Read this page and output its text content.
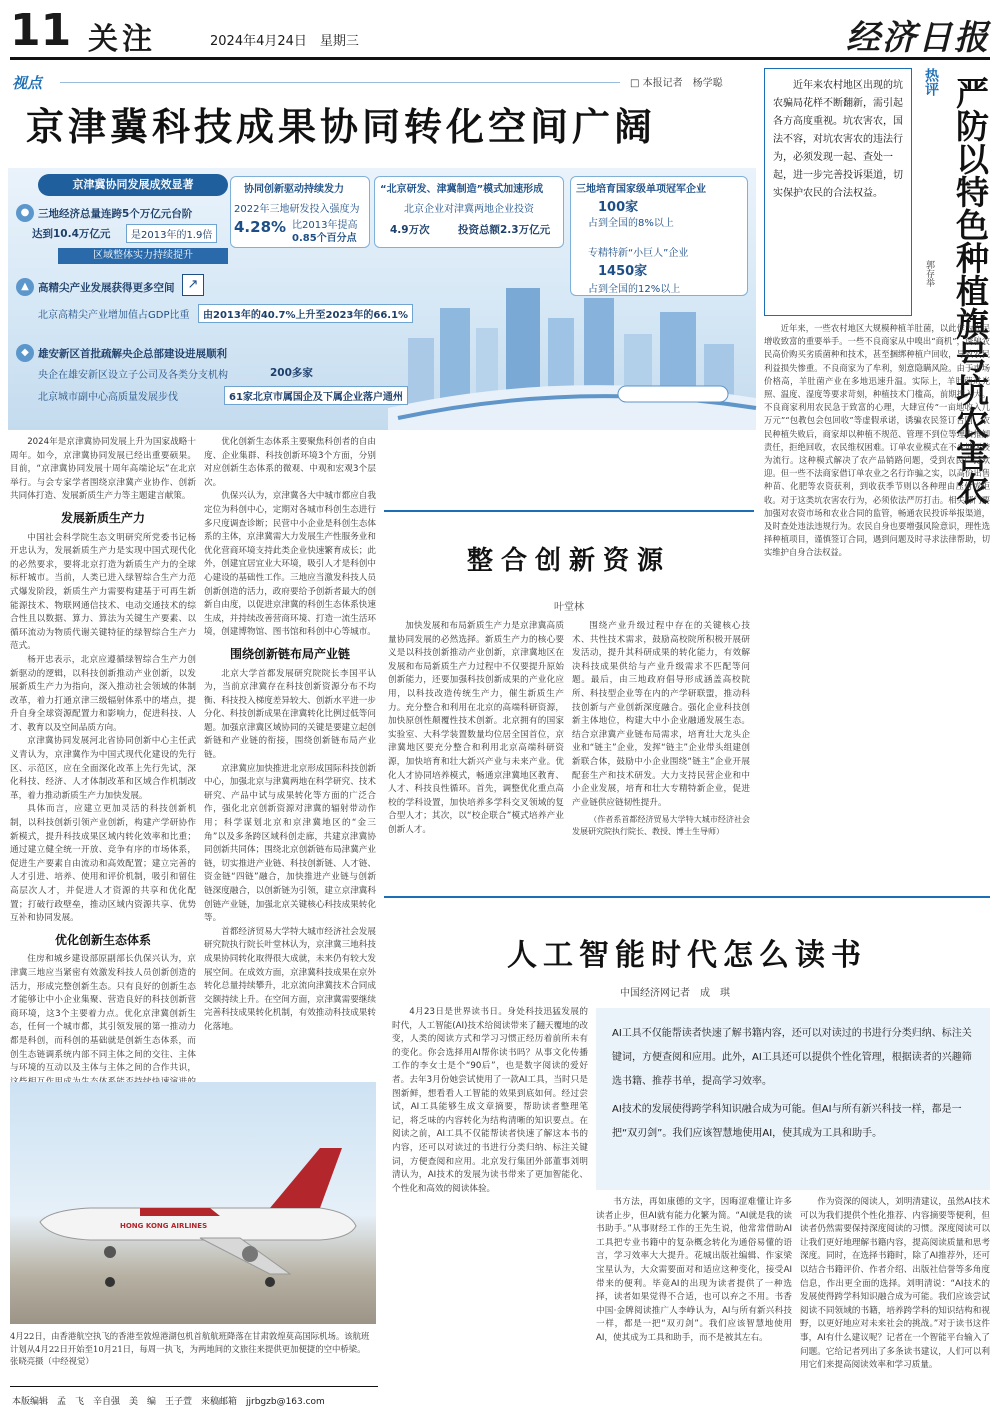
11 关注	2024年4月24日　星期三	经济日报
视点	□ 本报记者　杨学聪
京津冀科技成果协同转化空间广阔
京津冀协同发展成效显著
● 三地经济总量连跨5个万亿元台阶
达到10.4万亿元	是2013年的1.9倍
区域整体实力持续提升
协同创新驱动持续发力
2022年三地研发投入强度为
4.28% 比2013年提高
0.85个百分点
“北京研发、津冀制造”模式加速形成
北京企业对津冀两地企业投资
4.9万次	投资总额2.3万亿元
三地培育国家级单项冠军企业
100家
占到全国的8%以上
专精特新“小巨人”企业
1450家
占到全国的12%以上
▲ 高精尖产业发展获得更多空间	↗
北京高精尖产业增加值占GDP比重	由2013年的40.7%上升至2023年的66.1%
◆ 雄安新区首批疏解央企总部建设进展顺利
央企在雄安新区设立子公司及各类分支机构	200多家
北京城市副中心高质量发展步伐	61家北京市属国企及下属企业落户通州

2024年是京津冀协同发展上升为国家战略十周年。如今，京津冀协同发展已经出重要硕果。目前，“京津冀协同发展十周年高端论坛”在北京举行。与会专家学者围绕京津冀产业协作、创新共同体打造、发展新质生产力等主题建言献策。

发展新质生产力

中国社会科学院生态文明研究所党委书记杨开忠认为，发展新质生产力是实现中国式现代化的必然要求，要将北京打造为新质生产力的全球标杆城市。当前，人类已进入绿智综合生产力范式爆发阶段，新质生产力需要构建基于可再生新能源技术、物联网通信技术、电动交通技术的综合性且以数据、算力、算法为关键生产要素、以循环流动为物质代谢关键特征的绿智综合生产力范式。

杨开忠表示，北京应遵循绿智综合生产力创新驱动的逻辑，以科技创新推动产业创新，以发展新质生产力为指向，深入推动社会领域的体制改革，着力打通京津三级辐射体系中的堵点，提升自身全球资源配置力和影响力，促进科技、人才、教育以及空间品质方向。

京津冀协同发展河北省协同创新中心主任武义青认为，京津冀作为中国式现代化建设的先行区、示范区，应在全面深化改革上先行先试，深化科技、经济、人才体制改革和区域合作机制改革，着力推动新质生产力加快发展。

具体而言，应建立更加灵活的科技创新机制，以科技创新引领产业创新，构建产学研协作新模式，提升科技成果区域内转化效率和比重；通过建立健全统一开放、竞争有序的市场体系，促进生产要素自由流动和高效配置；建立完善的人才引进、培养、使用和评价机制，吸引和留住高层次人才，并促进人才资源的共享和优化配置；打破行政壁垒，推动区域内资源共享、优势互补和协同发展。

优化创新生态体系

住房和城乡建设部原副部长仇保兴认为，京津冀三地应当紧密有效激发科技人员创新创造的活力，形成完整创新生态。只有良好的创新生态才能够让中小企业集聚、营造良好的科技创新营商环境，这3个主要着力点。优化京津冀创新生态，任何一个城市都，其引领发展的第一推动力都是科创，而科创的基础就是创新生态体系，而创生态链调系统内部不同主体之间的交往、主体与环境的互动以及主体与主体之间的合作共识，

优化创新生态体系主要聚焦科创者的自由度、企业集群、科技创新环境3个方面，分别对应创新生态体系的微观、中观和宏观3个层次。

仇保兴认为，京津冀各大中城市都应自我定位为科创中心，定期对各城市科创生态进行多尺度调查诊断；民营中小企业是科创生态体系的主体，京津冀需大力发展生产性服务业和优化营商环境支持此类企业快速繁育成长；此外，创建宜居宜业大环境，吸引人才是科创中心建设的基础性工作。三地应当激发科技人员创新创造的活力，政府要给予创新者最大的创新自由度，以促进京津冀的科创生态体系快速生成，并持续改善营商环境、打造一流生活环境，创建博物馆、图书馆和科创中心等城市。

围绕创新链布局产业链

北京大学首都发展研究院院长李国平认为，当前京津冀存在科技创新资源分布不均衡、科技投入梯度差异较大、创新水平进一步分化、科技创新成果在津冀转化比例过低等问题。加强京津冀区域协同的关键是要建立起创新链和产业链的衔接，围绕创新链布局产业链。

京津冀应加快推进北京形成国际科技创新中心，加强北京与津冀两地在科学研究、技术研究、产品中试与成果转化等方面的广泛合作，强化北京创新资源对津冀的辐射带动作用；科学谋划北京和京津冀地区的“金三角”以及多条跨区域科创走廊，共建京津冀协同创新共同体；围绕北京创新链布局津冀产业链，切实推进产业链、科技创新链、人才链、资金链“四链”融合，加快推进产业链与创新链深度融合，以创新链为引领，建立京津冀科创链产业链，加强北京关键核心科技成果转化等。

首都经济贸易大学特大城市经济社会发展研究院执行院长叶堂林认为，京津冀三地科技成果协同转化取得很大成就，未来仍有较大发展空间。在成效方面，京津冀科技成果在京外转化总量持续攀升，北京流向津冀技术合同成交额持续上升。在空间方面，京津冀需要继续完善科技成果转化机制，有效推动科技成果转化落地。

整合创新资源
叶堂林

加快发展和布局新质生产力是京津冀高质量协同发展的必然选择。新质生产力的核心要义是以科技创新推动产业创新，京津冀地区在发展和布局新质生产力过程中不仅要提升原始创新能力，还要加强科技创新成果的产业化应用，以科技改造传统生产力，催生新质生产力。充分整合和利用在北京的高端科研资源，加快原创性颠覆性技术创新。北京拥有的国家实验室、大科学装置数量均位居全国首位，京津冀地区要充分整合和利用北京高端科研资源，加快培育和壮大新兴产业与未来产业。优化人才协同培养模式，畅通京津冀地区教育、人才、科技良性循环。首先，调整优化重点高校的学科设置，加快培养多学科交叉领域的复合型人才；其次，以“校企联合”模式培养产业创新人才。

围绕产业升级过程中存在的关键核心技术、共性技术需求，鼓励高校院所积极开展研发活动，提升其科研成果的转化能力，有效解决科技成果供给与产业升级需求不匹配等问题。最后，由三地政府倡导形成涵盖高校院所、科技型企业等在内的产学研联盟，推动科技创新与产业创新深度融合。强化企业科技创新主体地位，构建大中小企业融通发展生态。结合京津冀产业链布局需求，培育壮大龙头企业和“链主”企业，发挥“链主”企业带头组建创新联合体，鼓励中小企业围绕“链主”企业开展配套生产和技术研发。大力支持民营企业和中小企业发展，培育和壮大专精特新企业，促进产业链供应链韧性提升。

（作者系首都经济贸易大学特大城市经济社会发展研究院执行院长、教授、博士生导师）

近年来农村地区出现的坑农骗局花样不断翻新，需引起各方高度重视。坑农害农，国法不容，对坑农害农的违法行为，必须发现一起、查处一起，进一步完善投诉渠道，切实保护农民的合法权益。
热评 严防以特色种植旗号坑农害农
郭存举

近年来，一些农村地区大规模种植羊肚菌，以此作为农民增收致富的重要举手。一些不良商家从中嗅出“商机”，诱骗农民高价购买劣质菌种和技术，甚至捆绑种植户回收，导致农民利益损失惨重。不良商家为了牟利，刻意隐瞒风险。由于市场价格高，羊肚菌产业在多地迅速升温。实际上，羊肚菌对光照、温度、湿度等要求苛刻，种植技术门槛高，前期投入大。不良商家利用农民急于致富的心理，大肆宣传“一亩地收入几万元”“包教包会包回收”等虚假承诺，诱骗农民签订合同。农民种植失败后，商家却以种植不规范、管理不到位等理由推卸责任，拒绝回收，农民维权困难。订单农业模式在不少地区较为流行。这种模式解决了农产品销路问题，受到农民广泛欢迎。但一些不法商家借订单农业之名行诈骗之实，以高价出售种苗、化肥等农资获利，到收获季节则以各种理由压价或拒收。对于这类坑农害农行为，必须依法严厉打击。相关部门要加强对农资市场和农业合同的监管，畅通农民投诉举报渠道，及时查处违法违规行为。农民自身也要增强风险意识，理性选择种植项目，谨慎签订合同，遇到问题及时寻求法律帮助，切实维护自身合法权益。

HONG KONG AIRLINES
4月22日，由香港航空执飞的香港至敦煌港湖包机首航航班降落在甘肃敦煌莫高国际机场。该航班计划从4月22日开始至10月21日，每周一执飞，为两地间的文旅往来提供更加便捷的空中桥梁。 张晓亮摄（中经视觉）
人工智能时代怎么读书
中国经济网记者　成　琪

4月23日是世界读书日。身处科技迅猛发展的时代，人工智能(AI)技术给阅读带来了翻天覆地的改变，人类的阅读方式和学习习惯正经历着前所未有的变化。你会选择用AI帮你读书吗？从事文化传播工作的李女士是个“90后”，也是数字阅读的爱好者。去年3月份她尝试使用了一款AI工具，当时只是图新鲜，想看看人工智能的效果到底如何。经过尝试，AI工具能够生成文章摘要，帮助读者整理笔记，将乏味的内容转化为结构清晰的知识要点。在阅读之前，AI工具不仅能帮读者快速了解这本书的内容，还可以对读过的书进行分类归纳、标注关键词，方便查阅和应用。北京发行集团外部董事刘明清认为，AI技术的发展为读书带来了更加智能化、个性化和高效的阅读体验。

AI工具不仅能帮读者快速了解书籍内容，还可以对读过的书进行分类归纳、标注关键词，方便查阅和应用。此外，AI工具还可以提供个性化管理，根据读者的兴趣筛选书籍、推荐书单，提高学习效率。

AI技术的发展使得跨学科知识融合成为可能。但AI与所有新兴科技一样，都是一把“双刃剑”。我们应该智慧地使用AI，使其成为工具和助手。

书方法，再如康德的文字，因晦涩难懂让许多读者止步，但AI就有能力化繁为简。“AI就是我的读书助手。”从事财经工作的王先生说，他常常借助AI工具把专业书籍中的复杂概念转化为通俗易懂的语言，学习效率大大提升。花城出版社编辑、作家梁宝星认为，大众需要面对和适应这种变化，接受AI带来的便利。毕竟AI的出现为读者提供了一种选择，读者如果觉得不合适，也可以弃之不用。书香中国·金牌阅读推广人李峥认为，AI与所有新兴科技一样，都是一把“双刃剑”。我们应该智慧地使用AI，使其成为工具和助手，而不是被其左右。

作为资深的阅读人，刘明清建议，虽然AI技术可以为我们提供个性化推荐、内容摘要等便利，但读者仍然需要保持深度阅读的习惯。深度阅读可以让我们更好地理解书籍内容，提高阅读质量和思考深度。同时，在选择书籍时，除了AI推荐外，还可以结合书籍评价、作者介绍、出版社信誉等多角度信息，作出更全面的选择。刘明清说：“AI技术的发展使得跨学科知识融合成为可能。我们应该尝试阅读不同领域的书籍，培养跨学科的知识结构和视野，以更好地应对未来社会的挑战。”对于读书这件事，AI有什么建议呢？记者在一个智能平台输入了问题。它给记者列出了多条读书建议，人们可以利用它们来提高阅读效率和学习质量。

本版编辑　孟　飞　辛自强　美　编　王子萱　来稿邮箱　jjrbgzb@163.com
